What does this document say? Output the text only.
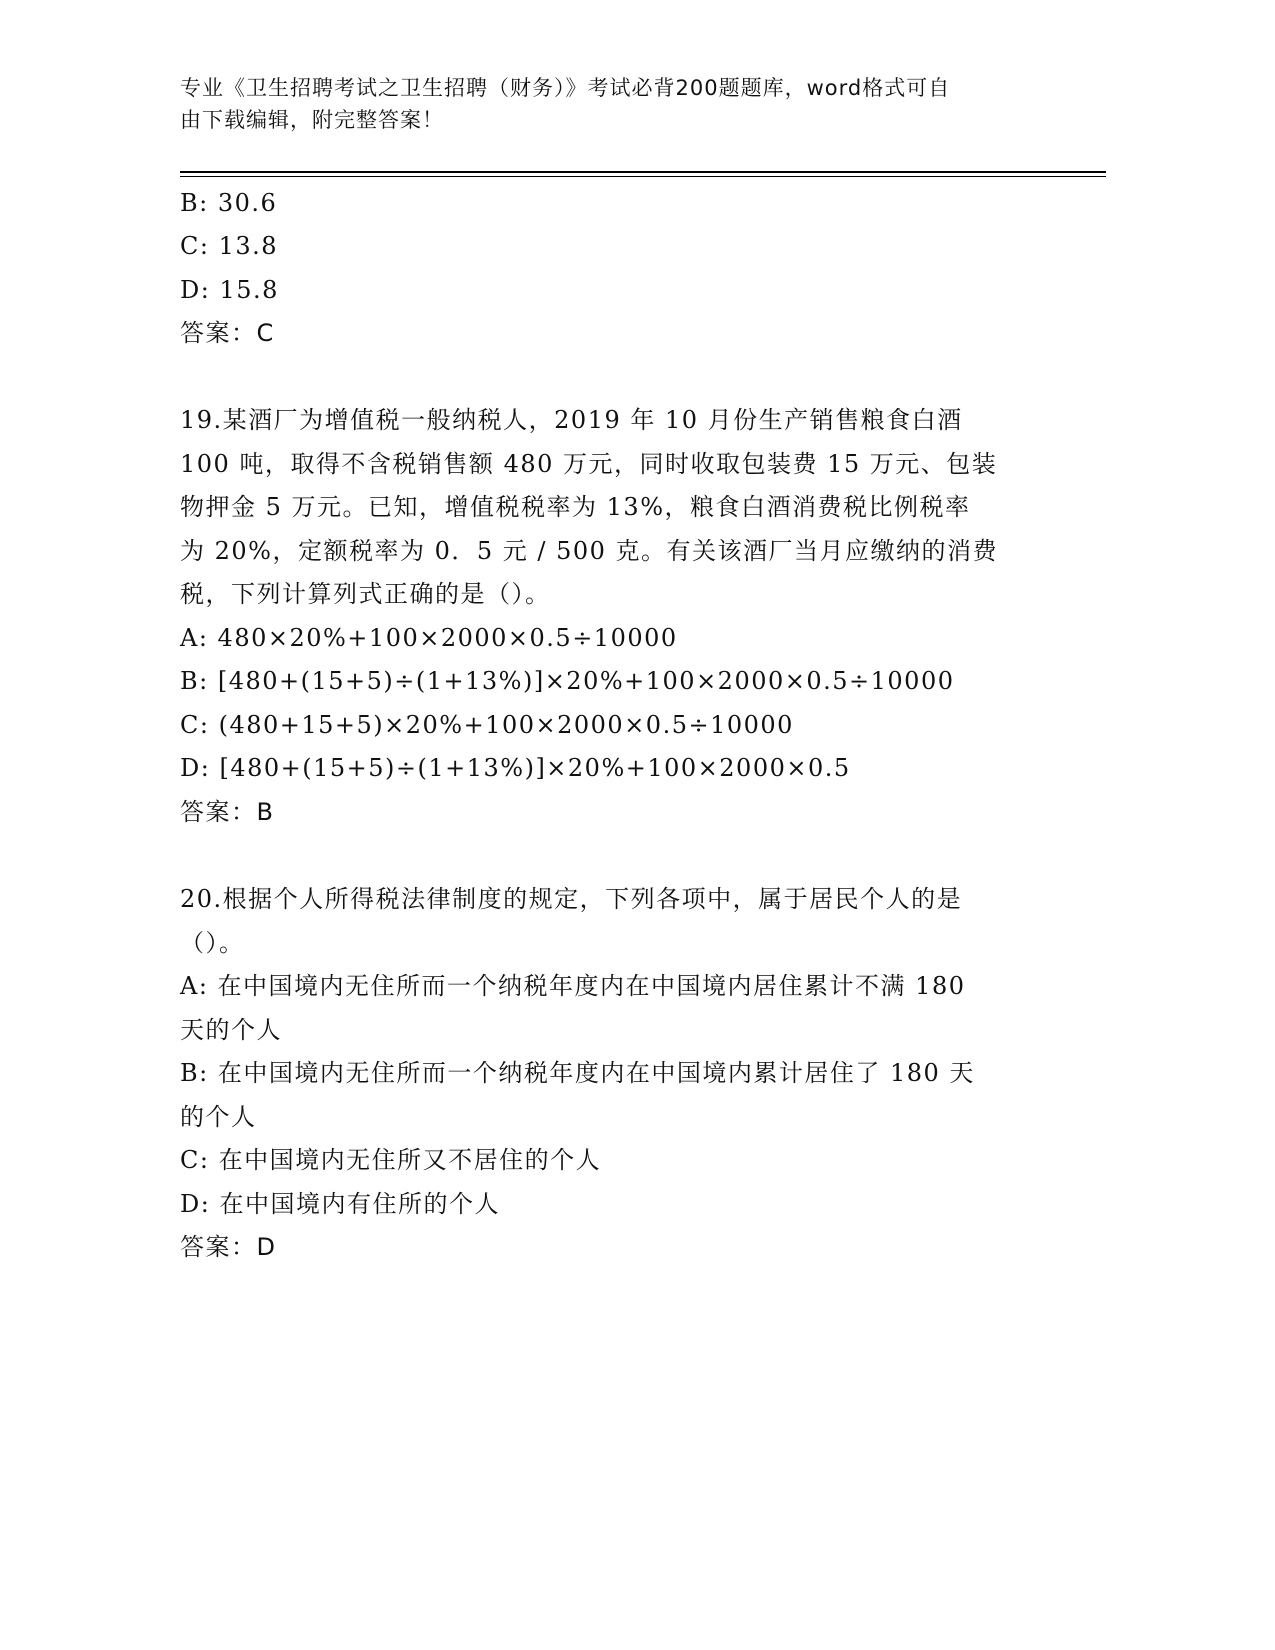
专业《卫生招聘考试之卫生招聘（财务）》考试必背200题题库，word格式可自
由下载编辑，附完整答案！
B: 30.6
C: 13.8
D: 15.8
答案：C
19.某酒厂为增值税一般纳税人，2019 年 10 月份生产销售粮食白酒
100 吨，取得不含税销售额 480 万元，同时收取包装费 15 万元、包装
物押金 5 万元。已知，增值税税率为 13%，粮食白酒消费税比例税率
为 20%，定额税率为 0．5 元 / 500 克。有关该酒厂当月应缴纳的消费
税，下列计算列式正确的是（）。
A: 480×20%+100×2000×0.5÷10000
B: [480+(15+5)÷(1+13%)]×20%+100×2000×0.5÷10000
C: (480+15+5)×20%+100×2000×0.5÷10000
D: [480+(15+5)÷(1+13%)]×20%+100×2000×0.5
答案：B
20.根据个人所得税法律制度的规定，下列各项中，属于居民个人的是
（）。
A: 在中国境内无住所而一个纳税年度内在中国境内居住累计不满 180
天的个人
B: 在中国境内无住所而一个纳税年度内在中国境内累计居住了 180 天
的个人
C: 在中国境内无住所又不居住的个人
D: 在中国境内有住所的个人
答案：D
